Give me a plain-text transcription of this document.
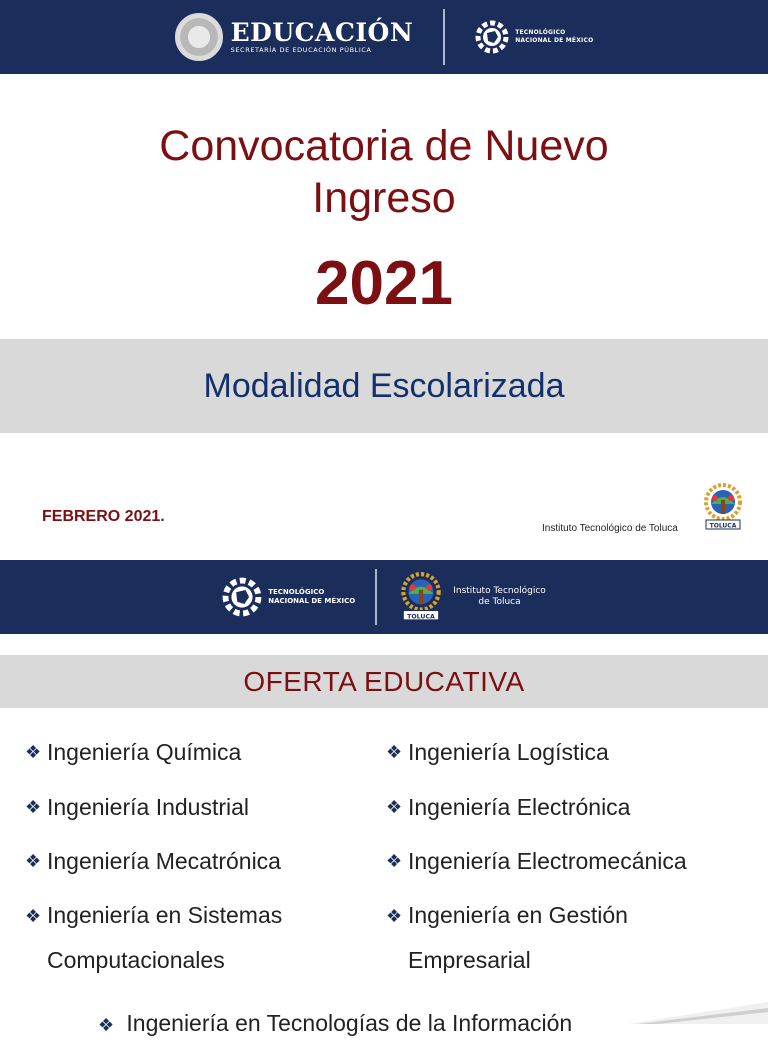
EDUCACIÓN
SECRETARÍA DE EDUCACIÓN PÚBLICA
TECNOLÓGICO
NACIONAL DE MÉXICO
Convocatoria de Nuevo
Ingreso
2021
Modalidad Escolarizada
FEBRERO 2021.
Instituto Tecnológico de Toluca	TOLUCA
TECNOLÓGICO
NACIONAL DE MÉXICO
TOLUCA
Instituto Tecnológico
de Toluca
OFERTA EDUCATIVA
❖ Ingeniería Química
❖ Ingeniería Industrial
❖ Ingeniería Mecatrónica
❖ Ingeniería en Sistemas Computacionales
❖ Ingeniería Logística
❖ Ingeniería Electrónica
❖ Ingeniería Electromecánica
❖ Ingeniería en Gestión Empresarial
❖ Ingeniería en Tecnologías de la Información
